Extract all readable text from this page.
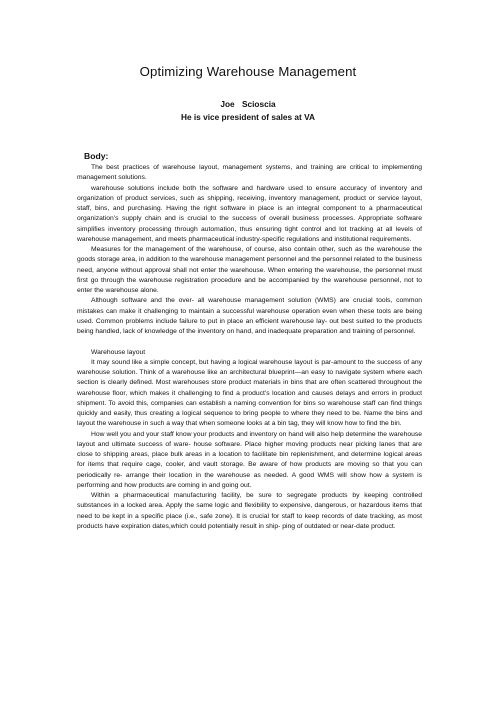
Optimizing Warehouse Management
Joe Scioscia
He is vice president of sales at VA
Body:

The best practices of warehouse layout, management systems, and training are critical to implementing management solutions.

warehouse solutions include both the software and hardware used to ensure accuracy of inventory and organization of product services, such as shipping, receiving, inventory management, product or service layout, staff, bins, and purchasing. Having the right software in place is an integral component to a pharmaceutical organization’s supply chain and is crucial to the success of overall business processes. Appropriate software simplifies inventory processing through automation, thus ensuring tight control and lot tracking at all levels of warehouse management, and meets pharmaceutical industry-specific regulations and institutional requirements.

Measures for the management of the warehouse, of course, also contain other, such as the warehouse the goods storage area, in addition to the warehouse management personnel and the personnel related to the business need, anyone without approval shall not enter the warehouse. When entering the warehouse, the personnel must first go through the warehouse registration procedure and be accompanied by the warehouse personnel, not to enter the warehouse alone.

Although software and the over- all warehouse management solution (WMS) are crucial tools, common mistakes can make it challenging to maintain a successful warehouse operation even when these tools are being used. Common problems include failure to put in place an efficient warehouse lay- out best suited to the products being handled, lack of knowledge of the inventory on hand, and inadequate preparation and training of personnel.

Warehouse layout

It may sound like a simple concept, but having a logical warehouse layout is par-amount to the success of any warehouse solution. Think of a warehouse like an architectural blueprint—an easy to navigate system where each section is clearly defined. Most warehouses store product materials in bins that are often scattered throughout the warehouse floor, which makes it challenging to find a product’s location and causes delays and errors in product shipment. To avoid this, companies can establish a naming convention for bins so warehouse staff can find things quickly and easily, thus creating a logical sequence to bring people to where they need to be. Name the bins and layout the warehouse in such a way that when someone looks at a bin tag, they will know how to find the bin.

How well you and your staff know your products and inventory on hand will also help determine the warehouse layout and ultimate success of ware- house software. Place higher moving products near picking lanes that are close to shipping areas, place bulk areas in a location to facilitate bin replenishment, and determine logical areas for items that require cage, cooler, and vault storage. Be aware of how products are moving so that you can periodically re- arrange their location in the warehouse as needed. A good WMS will show how a system is performing and how products are coming in and going out.

Within a pharmaceutical manufacturing facility, be sure to segregate products by keeping controlled substances in a locked area. Apply the same logic and flexibility to expensive, dangerous, or hazardous items that need to be kept in a specific place (i.e., safe zone). It is crucial for staff to keep records of date tracking, as most products have expiration dates,which could potentially result in ship- ping of outdated or near-date product.
